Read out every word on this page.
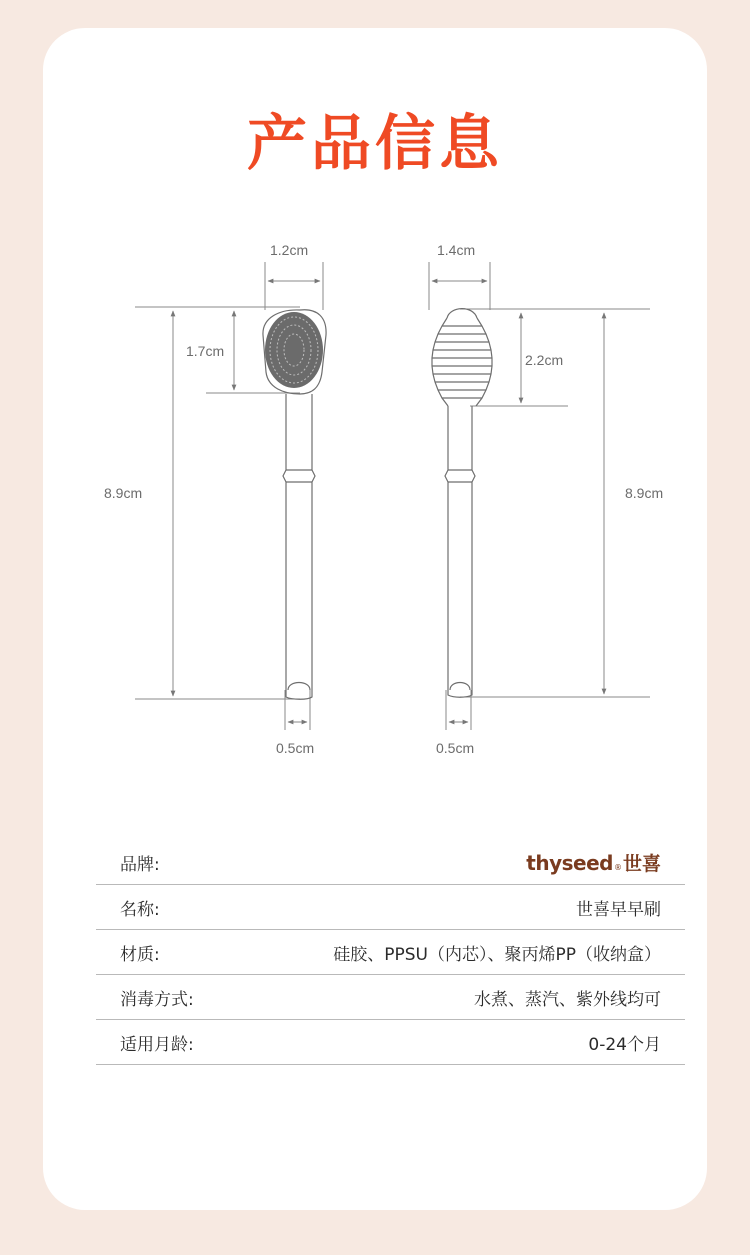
产品信息
1.2cm
1.7cm
8.9cm
0.5cm
1.4cm
2.2cm
8.9cm
0.5cm
品牌:	thyseed ® 世喜
名称:	世喜早早刷
材质:	硅胶、PPSU（内芯）、聚丙烯PP（收纳盒）
消毒方式:	水煮、蒸汽、紫外线均可
适用月龄:	0-24个月
